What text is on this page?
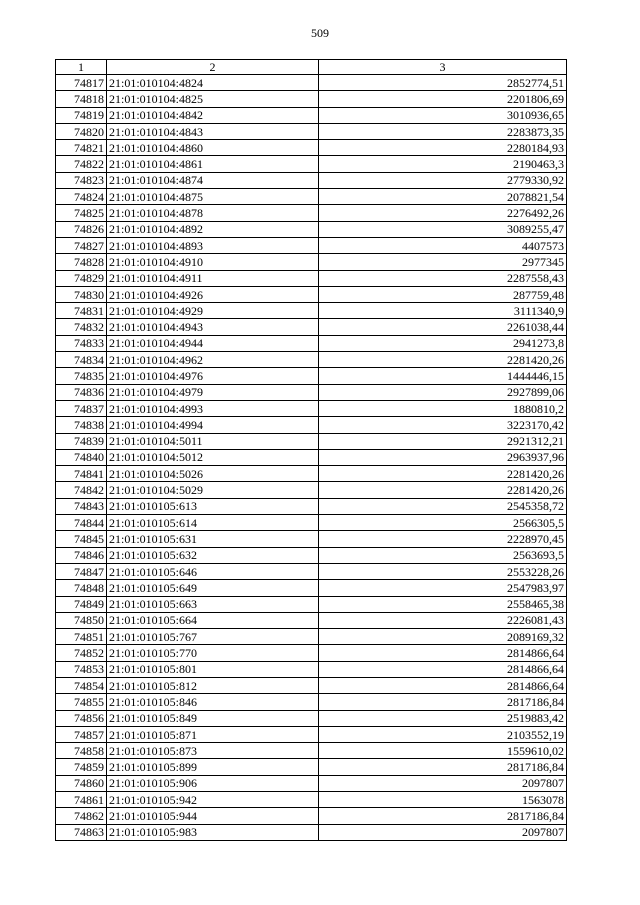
509
1	2	3
74817	21:01:010104:4824	2852774,51
74818	21:01:010104:4825	2201806,69
74819	21:01:010104:4842	3010936,65
74820	21:01:010104:4843	2283873,35
74821	21:01:010104:4860	2280184,93
74822	21:01:010104:4861	2190463,3
74823	21:01:010104:4874	2779330,92
74824	21:01:010104:4875	2078821,54
74825	21:01:010104:4878	2276492,26
74826	21:01:010104:4892	3089255,47
74827	21:01:010104:4893	4407573
74828	21:01:010104:4910	2977345
74829	21:01:010104:4911	2287558,43
74830	21:01:010104:4926	287759,48
74831	21:01:010104:4929	3111340,9
74832	21:01:010104:4943	2261038,44
74833	21:01:010104:4944	2941273,8
74834	21:01:010104:4962	2281420,26
74835	21:01:010104:4976	1444446,15
74836	21:01:010104:4979	2927899,06
74837	21:01:010104:4993	1880810,2
74838	21:01:010104:4994	3223170,42
74839	21:01:010104:5011	2921312,21
74840	21:01:010104:5012	2963937,96
74841	21:01:010104:5026	2281420,26
74842	21:01:010104:5029	2281420,26
74843	21:01:010105:613	2545358,72
74844	21:01:010105:614	2566305,5
74845	21:01:010105:631	2228970,45
74846	21:01:010105:632	2563693,5
74847	21:01:010105:646	2553228,26
74848	21:01:010105:649	2547983,97
74849	21:01:010105:663	2558465,38
74850	21:01:010105:664	2226081,43
74851	21:01:010105:767	2089169,32
74852	21:01:010105:770	2814866,64
74853	21:01:010105:801	2814866,64
74854	21:01:010105:812	2814866,64
74855	21:01:010105:846	2817186,84
74856	21:01:010105:849	2519883,42
74857	21:01:010105:871	2103552,19
74858	21:01:010105:873	1559610,02
74859	21:01:010105:899	2817186,84
74860	21:01:010105:906	2097807
74861	21:01:010105:942	1563078
74862	21:01:010105:944	2817186,84
74863	21:01:010105:983	2097807
